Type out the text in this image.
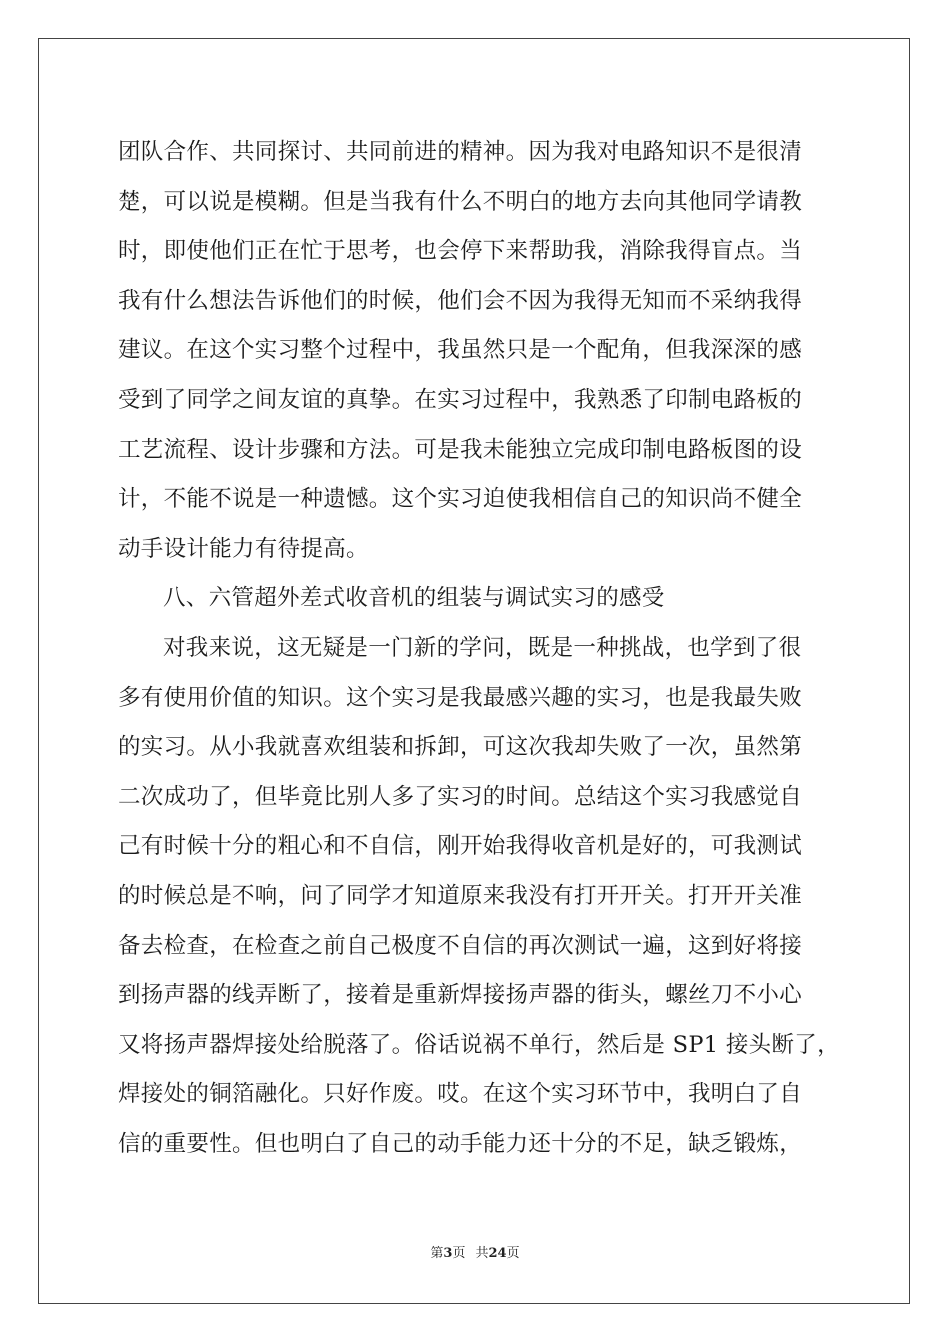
团队合作、共同探讨、共同前进的精神。因为我对电路知识不是很清
楚，可以说是模糊。但是当我有什么不明白的地方去向其他同学请教
时，即使他们正在忙于思考，也会停下来帮助我，消除我得盲点。当
我有什么想法告诉他们的时候，他们会不因为我得无知而不采纳我得
建议。在这个实习整个过程中，我虽然只是一个配角，但我深深的感
受到了同学之间友谊的真挚。在实习过程中，我熟悉了印制电路板的
工艺流程、设计步骤和方法。可是我未能独立完成印制电路板图的设
计，不能不说是一种遗憾。这个实习迫使我相信自己的知识尚不健全
动手设计能力有待提高。
八、六管超外差式收音机的组装与调试实习的感受
对我来说，这无疑是一门新的学问，既是一种挑战，也学到了很
多有使用价值的知识。这个实习是我最感兴趣的实习，也是我最失败
的实习。从小我就喜欢组装和拆卸，可这次我却失败了一次，虽然第
二次成功了，但毕竟比别人多了实习的时间。总结这个实习我感觉自
己有时候十分的粗心和不自信，刚开始我得收音机是好的，可我测试
的时候总是不响，问了同学才知道原来我没有打开开关。打开开关准
备去检查，在检查之前自己极度不自信的再次测试一遍，这到好将接
到扬声器的线弄断了，接着是重新焊接扬声器的街头，螺丝刀不小心
又将扬声器焊接处给脱落了。俗话说祸不单行，然后是 SP1 接头断了，
焊接处的铜箔融化。只好作废。哎。在这个实习环节中，我明白了自
信的重要性。但也明白了自己的动手能力还十分的不足，缺乏锻炼，
第3页 共24页
